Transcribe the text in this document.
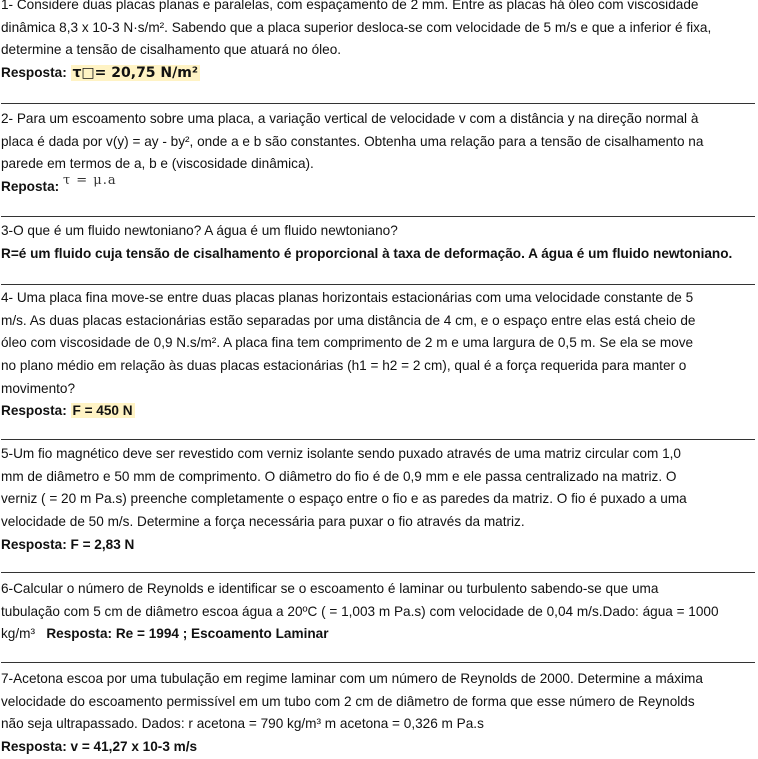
1- Considere duas placas planas e paralelas, com espaçamento de 2 mm. Entre as placas há óleo com viscosidade
dinâmica 8,3 x 10-3 N·s/m². Sabendo que a placa superior desloca-se com velocidade de 5 m/s e que a inferior é fixa,
determine a tensão de cisalhamento que atuará no óleo.
Resposta: τ□= 20,75 N/m²
2- Para um escoamento sobre uma placa, a variação vertical de velocidade v com a distância y na direção normal à
placa é dada por v(y) = ay - by², onde a e b são constantes. Obtenha uma relação para a tensão de cisalhamento na
parede em termos de a, b e (viscosidade dinâmica).
Reposta: τ = μ.a
3-O que é um fluido newtoniano? A água é um fluido newtoniano?
R=é um fluido cuja tensão de cisalhamento é proporcional à taxa de deformação. A água é um fluido newtoniano.
4- Uma placa fina move-se entre duas placas planas horizontais estacionárias com uma velocidade constante de 5
m/s. As duas placas estacionárias estão separadas por uma distância de 4 cm, e o espaço entre elas está cheio de
óleo com viscosidade de 0,9 N.s/m². A placa fina tem comprimento de 2 m e uma largura de 0,5 m. Se ela se move
no plano médio em relação às duas placas estacionárias (h1 = h2 = 2 cm), qual é a força requerida para manter o
movimento?
Resposta: F = 450 N
5-Um fio magnético deve ser revestido com verniz isolante sendo puxado através de uma matriz circular com 1,0
mm de diâmetro e 50 mm de comprimento. O diâmetro do fio é de 0,9 mm e ele passa centralizado na matriz. O
verniz ( = 20 m Pa.s) preenche completamente o espaço entre o fio e as paredes da matriz. O fio é puxado a uma
velocidade de 50 m/s. Determine a força necessária para puxar o fio através da matriz.
Resposta: F = 2,83 N
6-Calcular o número de Reynolds e identificar se o escoamento é laminar ou turbulento sabendo-se que uma
tubulação com 5 cm de diâmetro escoa água a 20ºC ( = 1,003 m Pa.s) com velocidade de 0,04 m/s.Dado: água = 1000
kg/m³ Resposta: Re = 1994 ; Escoamento Laminar
7-Acetona escoa por uma tubulação em regime laminar com um número de Reynolds de 2000. Determine a máxima
velocidade do escoamento permissível em um tubo com 2 cm de diâmetro de forma que esse número de Reynolds
não seja ultrapassado. Dados: r acetona = 790 kg/m³ m acetona = 0,326 m Pa.s
Resposta: v = 41,27 x 10-3 m/s
